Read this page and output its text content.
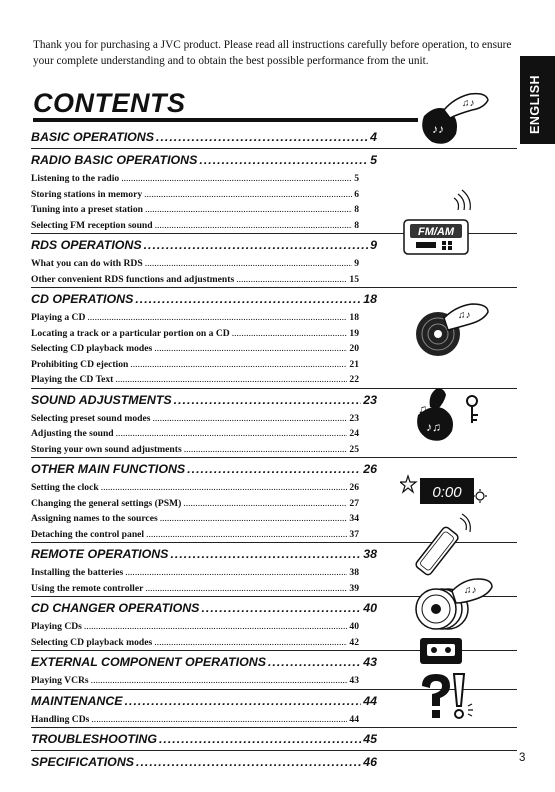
Thank you for purchasing a JVC product. Please read all instructions carefully before operation, to ensure your complete understanding and to obtain the best possible performance from the unit.
ENGLISH
CONTENTS
BASIC OPERATIONS .....	4
RADIO BASIC OPERATIONS .....	5
Listening to the radio .....	5
Storing stations in memory .....	6
Tuning into a preset station .....	8
Selecting FM reception sound .....	8
RDS OPERATIONS .....	9
What you can do with RDS .....	9
Other convenient RDS functions and adjustments .....	15
CD OPERATIONS .....	18
Playing a CD .....	18
Locating a track or a particular portion on a CD .....	19
Selecting CD playback modes .....	20
Prohibiting CD ejection .....	21
Playing the CD Text .....	22
SOUND ADJUSTMENTS .....	23
Selecting preset sound modes .....	23
Adjusting the sound .....	24
Storing your own sound adjustments .....	25
OTHER MAIN FUNCTIONS .....	26
Setting the clock .....	26
Changing the general settings (PSM) .....	27
Assigning names to the sources .....	34
Detaching the control panel .....	37
REMOTE OPERATIONS .....	38
Installing the batteries .....	38
Using the remote controller .....	39
CD CHANGER OPERATIONS .....	40
Playing CDs .....	40
Selecting CD playback modes .....	42
EXTERNAL COMPONENT OPERATIONS .....	43
Playing VCRs .....	43
MAINTENANCE .....	44
Handling CDs .....	44
TROUBLESHOOTING .....	45
SPECIFICATIONS .....	46
♫♪
♪♪
FM/AM
♫♪
♪♫
♫
0:00
♫♪
3
